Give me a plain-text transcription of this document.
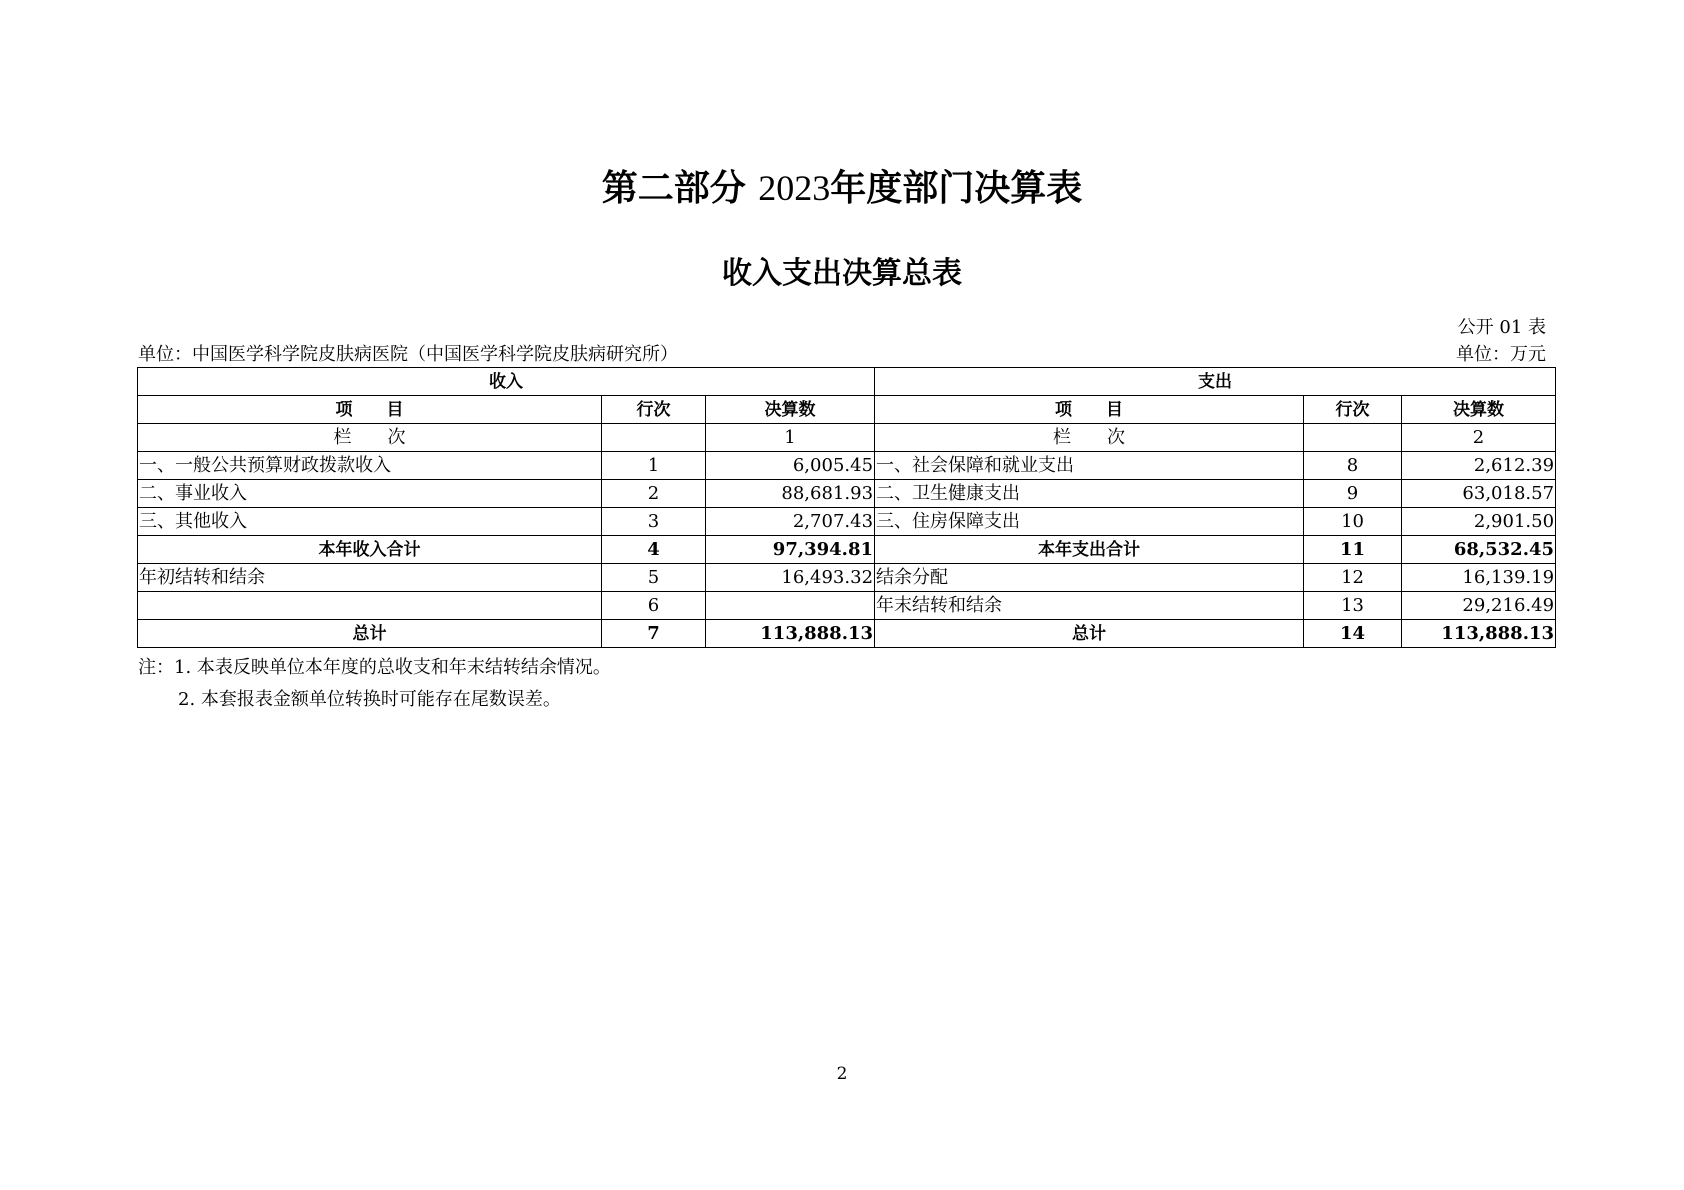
第二部分 2023年度部门决算表
收入支出决算总表
公开 01 表
单位：中国医学科学院皮肤病医院（中国医学科学院皮肤病研究所）	单位：万元
收入			支出		
项　　目	行次	决算数	项　　目	行次	决算数
栏　　次		1	栏　　次		2
一、一般公共预算财政拨款收入	1	6,005.45	一、社会保障和就业支出	8	2,612.39
二、事业收入	2	88,681.93	二、卫生健康支出	9	63,018.57
三、其他收入	3	2,707.43	三、住房保障支出	10	2,901.50
本年收入合计	4	97,394.81	本年支出合计	11	68,532.45
年初结转和结余	5	16,493.32	结余分配	12	16,139.19
	6		年末结转和结余	13	29,216.49
总计	7	113,888.13	总计	14	113,888.13
注：1. 本表反映单位本年度的总收支和年末结转结余情况。
2. 本套报表金额单位转换时可能存在尾数误差。
2
